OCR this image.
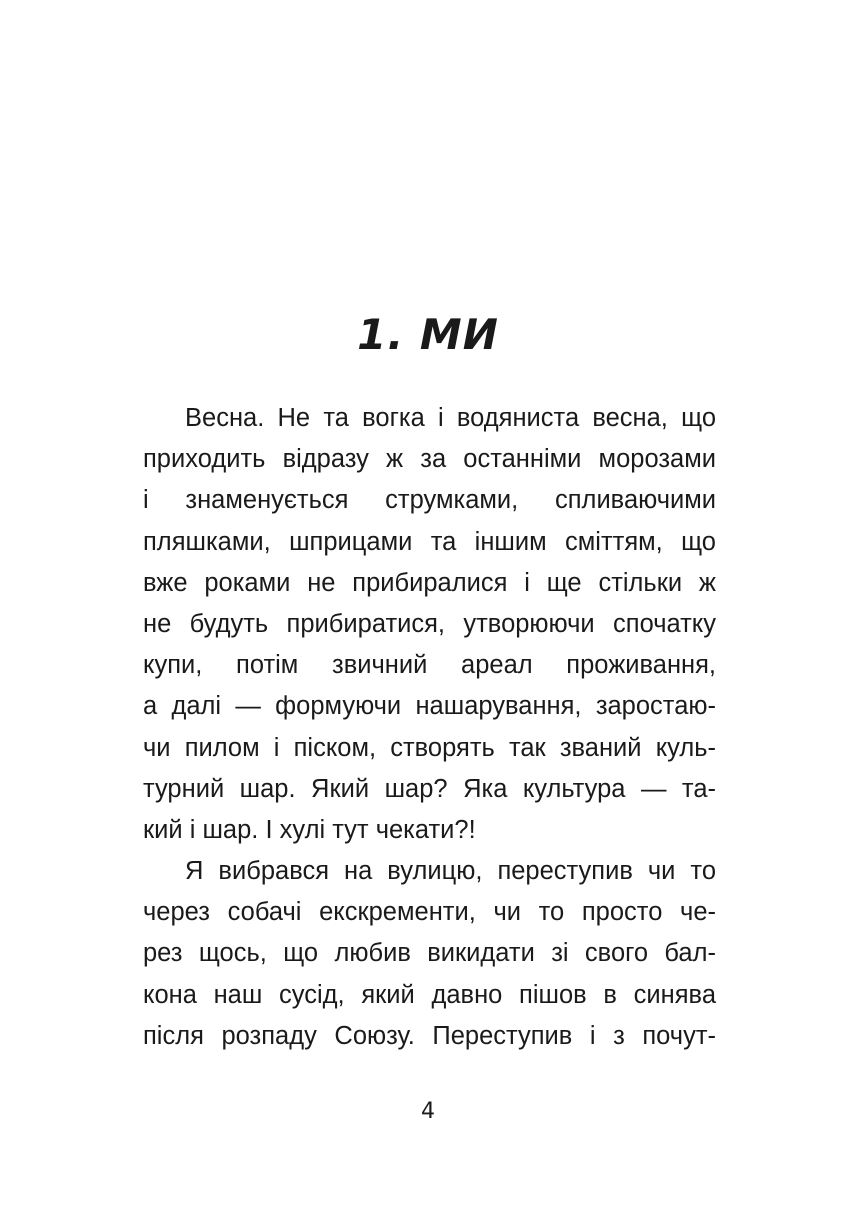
1. МИ
Весна. Не та вогка і водяниста весна, що
приходить відразу ж за останніми морозами
і знаменується струмками, спливаючими
пляшками, шприцами та іншим сміттям, що
вже роками не прибиралися і ще стільки ж
не будуть прибиратися, утворюючи спочатку
купи, потім звичний ареал проживання,
а далі — формуючи нашарування, заростаю-
чи пилом і піском, створять так званий куль-
турний шар. Який шар? Яка культура — та-
кий і шар. І хулі тут чекати?!
Я вибрався на вулицю, переступив чи то
через собачі екскременти, чи то просто че-
рез щось, що любив викидати зі свого бал-
кона наш сусід, який давно пішов в синява
після розпаду Союзу. Переступив і з почут-
4
